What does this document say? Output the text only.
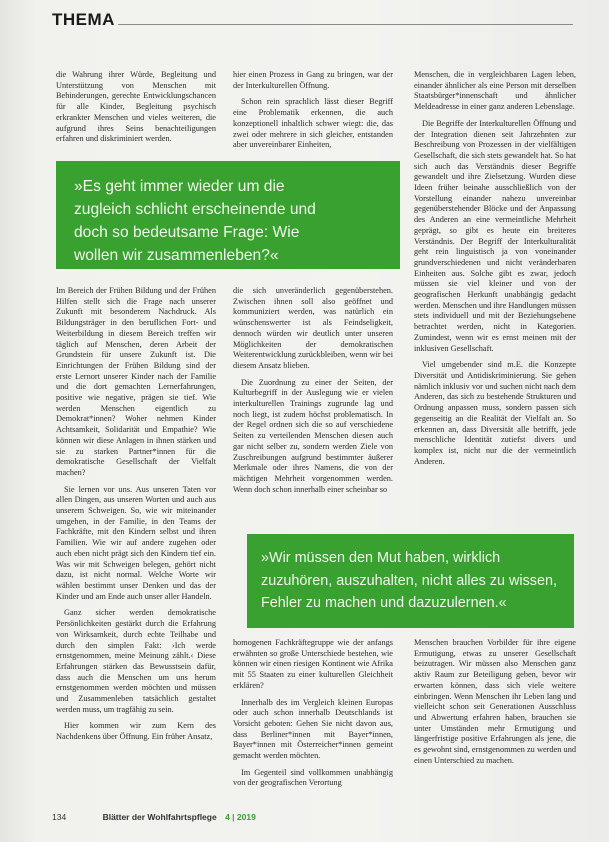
THEMA

die Wahrung ihrer Würde, Begleitung und Unterstützung von Menschen mit Behinderungen, gerechte Entwicklungschancen für alle Kinder, Begleitung psychisch erkrankter Menschen und vieles weiteren, die aufgrund ihres Seins benachteiligungen erfahren und diskriminiert werden.

hier einen Prozess in Gang zu bringen, war der der Interkulturellen Öffnung.

Schon rein sprachlich lässt dieser Begriff eine Problematik erkennen, die auch konzeptionell inhaltlich schwer wiegt: die, das zwei oder mehrere in sich gleicher, entstanden aber unvereinbarer Einheiten,

Menschen, die in vergleichbaren Lagen leben, einander ähnlicher als eine Person mit derselben Staatsbürger*innenschaft und ähnlicher Meldeadresse in einer ganz anderen Lebenslage.

Die Begriffe der Interkulturellen Öffnung und der Integration dienen seit Jahrzehnten zur Beschreibung von Prozessen in der vielfältigen Gesellschaft, die sich stets gewandelt hat. So hat sich auch das Verständnis dieser Begriffe gewandelt und ihre Zielsetzung. Wurden diese Ideen früher beinahe ausschließlich von der Vorstellung einander nahezu unvereinbar gegenüberstehender Blöcke und der Anpassung des Anderen an eine vermeintliche Mehrheit geprägt, so gibt es heute ein breiteres Verständnis. Der Begriff der Interkulturalität geht rein linguistisch ja von voneinander grundverschiedenen und nicht veränderbaren Einheiten aus. Solche gibt es zwar, jedoch müssen sie viel kleiner und von der geografischen Herkunft unabhängig gedacht werden. Menschen und ihre Handlungen müssen stets individuell und mit der Beziehungsebene betrachtet werden, nicht in Kategorien. Zumindest, wenn wir es ernst meinen mit der inklusiven Gesellschaft.

Viel umgebender sind m.E. die Konzepte Diversität und Antidiskriminierung. Sie gehen nämlich inklusiv vor und suchen nicht nach dem Anderen, das sich zu bestehende Strukturen und Ordnung anpassen muss, sondern passen sich gegenseitig an die Realität der Vielfalt an. So erkennen an, dass Diversität alle betrifft, jede menschliche Identität zutiefst divers und komplex ist, nicht nur die der vermeintlich Anderen.

»Es geht immer wieder um die
zugleich schlicht erscheinende und
doch so bedeutsame Frage: Wie
wollen wir zusammenleben?«

Im Bereich der Frühen Bildung und der Frühen Hilfen stellt sich die Frage nach unserer Zukunft mit besonderem Nachdruck. Als Bildungsträger in den beruflichen Fort- und Weiterbildung in diesem Bereich treffen wir täglich auf Menschen, deren Arbeit der Grundstein für unsere Zukunft ist. Die Einrichtungen der Frühen Bildung sind der erste Lernort unserer Kinder nach der Familie und die dort gemachten Lernerfahrungen, positive wie negative, prägen sie tief. Wie werden Menschen eigentlich zu Demokrat*innen? Woher nehmen Kinder Achtsamkeit, Solidarität und Empathie? Wie können wir diese Anlagen in ihnen stärken und sie zu starken Partner*innen für die demokratische Gesellschaft der Vielfalt machen?

Sie lernen vor uns. Aus unseren Taten vor allen Dingen, aus unseren Worten und auch aus unserem Schweigen. So, wie wir miteinander umgehen, in der Familie, in den Teams der Fachkräfte, mit den Kindern selbst und ihren Familien. Wie wir auf andere zugehen oder auch eben nicht prägt sich den Kindern tief ein. Was wir mit Schweigen belegen, gehört nicht dazu, ist nicht normal. Welche Worte wir wählen bestimmt unser Denken und das der Kinder und am Ende auch unser aller Handeln.

Ganz sicher werden demokratische Persönlichkeiten gestärkt durch die Erfahrung von Wirksamkeit, durch echte Teilhabe und durch den simplen Fakt: ›Ich werde ernstgenommen, meine Meinung zählt.‹ Diese Erfahrungen stärken das Bewusstsein dafür, dass auch die Menschen um uns herum ernstgenommen werden möchten und müssen und Zusammenleben tatsächlich gestaltet werden muss, um tragfähig zu sein.

Hier kommen wir zum Kern des Nachdenkens über Öffnung. Ein früher Ansatz,

die sich unveränderlich gegenüberstehen. Zwischen ihnen soll also geöffnet und kommuniziert werden, was natürlich ein wünschenswerter ist als Feindseligkeit, dennoch würden wir deutlich unter unseren Möglichkeiten der demokratischen Weiterentwicklung zurückbleiben, wenn wir bei diesem Ansatz blieben.

Die Zuordnung zu einer der Seiten, der Kulturbegriff in der Auslegung wie er vielen interkulturellen Trainings zugrunde lag und noch liegt, ist zudem höchst problematisch. In der Regel ordnen sich die so auf verschiedene Seiten zu verteilenden Menschen diesen auch gar nicht selber zu, sondern werden Ziele von Zuschreibungen aufgrund bestimmter äußerer Merkmale oder ihres Namens, die von der mächtigen Mehrheit vorgenommen werden. Wenn doch schon innerhalb einer scheinbar so

»Wir müssen den Mut haben, wirklich
zuzuhören, auszuhalten, nicht alles zu wissen,
Fehler zu machen und dazuzulernen.«

homogenen Fachkräftegruppe wie der anfangs erwähnten so große Unterschiede bestehen, wie können wir einen riesigen Kontinent wie Afrika mit 55 Staaten zu einer kulturellen Gleichheit erklären?

Innerhalb des im Vergleich kleinen Europas oder auch schon innerhalb Deutschlands ist Vorsicht geboten: Gehen Sie nicht davon aus, dass Berliner*innen mit Bayer*innen, Bayer*innen mit Österreicher*innen gemeint gemacht werden möchten.

Im Gegenteil sind vollkommen unabhängig von der geografischen Verortung

Menschen brauchen Vorbilder für ihre eigene Ermutigung, etwas zu unserer Gesellschaft beizutragen. Wir müssen also Menschen ganz aktiv Raum zur Beteiligung geben, bevor wir erwarten können, dass sich viele weitere einbringen. Wenn Menschen ihr Leben lang und vielleicht schon seit Generationen Ausschluss und Abwertung erfahren haben, brauchen sie unter Umständen mehr Ermutigung und längerfristige positive Erfahrungen als jene, die es gewohnt sind, ernstgenommen zu werden und einen Unterschied zu machen.

134	Blätter der Wohlfahrtspflege 4 | 2019
